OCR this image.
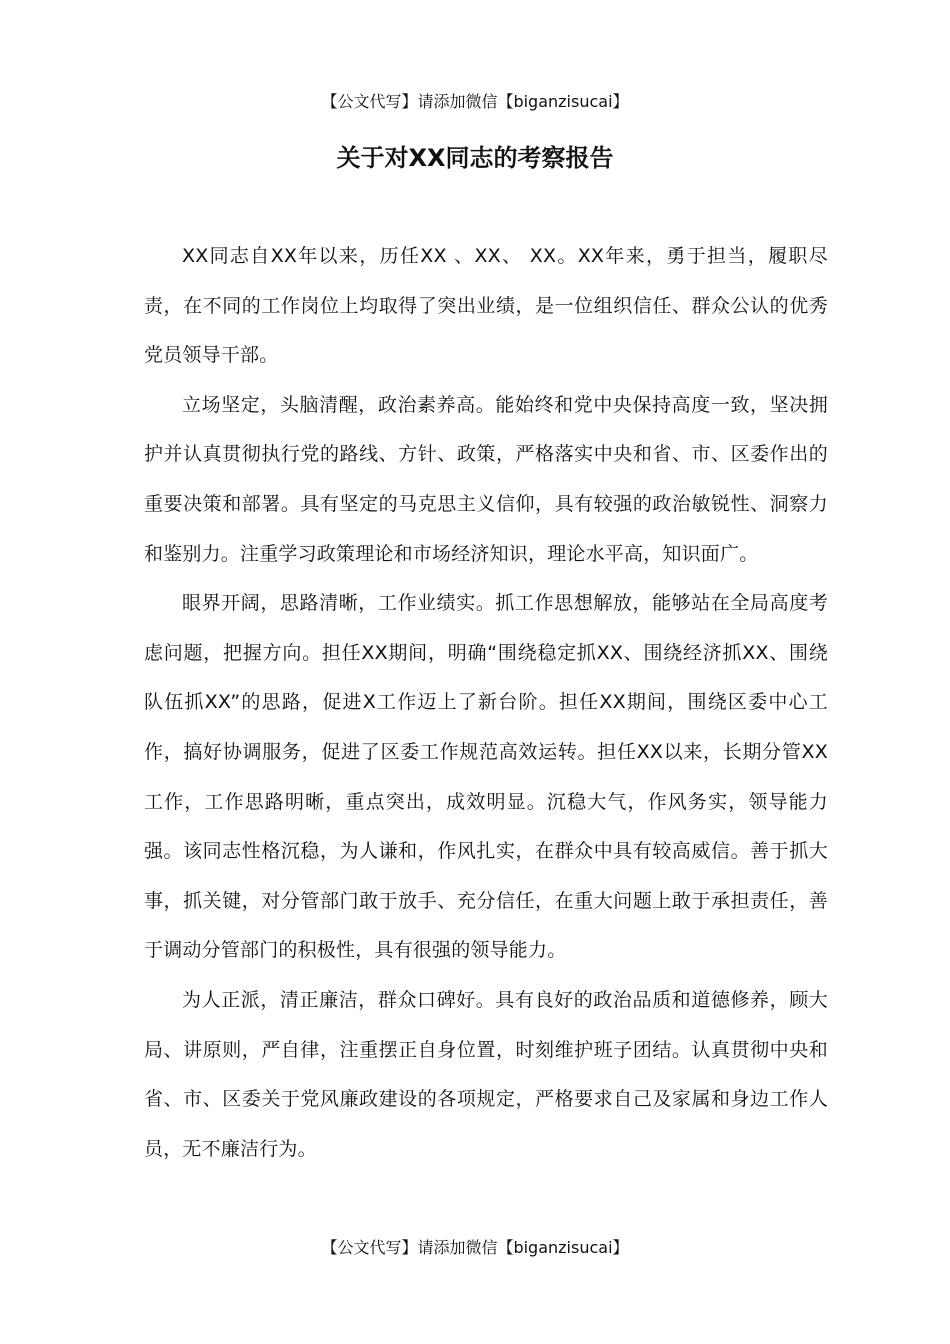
【公文代写】请添加微信【biganzisucai】
关于对XX同志的考察报告

XX同志自XX年以来，历任XX 、XX、 XX。XX年来，勇于担当，履职尽责，在不同的工作岗位上均取得了突出业绩，是一位组织信任、群众公认的优秀党员领导干部。

立场坚定，头脑清醒，政治素养高。能始终和党中央保持高度一致，坚决拥护并认真贯彻执行党的路线、方针、政策，严格落实中央和省、市、区委作出的重要决策和部署。具有坚定的马克思主义信仰，具有较强的政治敏锐性、洞察力和鉴别力。注重学习政策理论和市场经济知识，理论水平高，知识面广。

眼界开阔，思路清晰，工作业绩实。抓工作思想解放，能够站在全局高度考虑问题，把握方向。担任XX期间，明确“围绕稳定抓XX、围绕经济抓XX、围绕队伍抓XX”的思路，促进X工作迈上了新台阶。担任XX期间，围绕区委中心工作，搞好协调服务，促进了区委工作规范高效运转。担任XX以来，长期分管XX工作，工作思路明晰，重点突出，成效明显。沉稳大气，作风务实，领导能力强。该同志性格沉稳，为人谦和，作风扎实，在群众中具有较高威信。善于抓大事，抓关键，对分管部门敢于放手、充分信任，在重大问题上敢于承担责任，善于调动分管部门的积极性，具有很强的领导能力。

为人正派，清正廉洁，群众口碑好。具有良好的政治品质和道德修养，顾大局、讲原则，严自律，注重摆正自身位置，时刻维护班子团结。认真贯彻中央和省、市、区委关于党风廉政建设的各项规定，严格要求自己及家属和身边工作人员，无不廉洁行为。

【公文代写】请添加微信【biganzisucai】
